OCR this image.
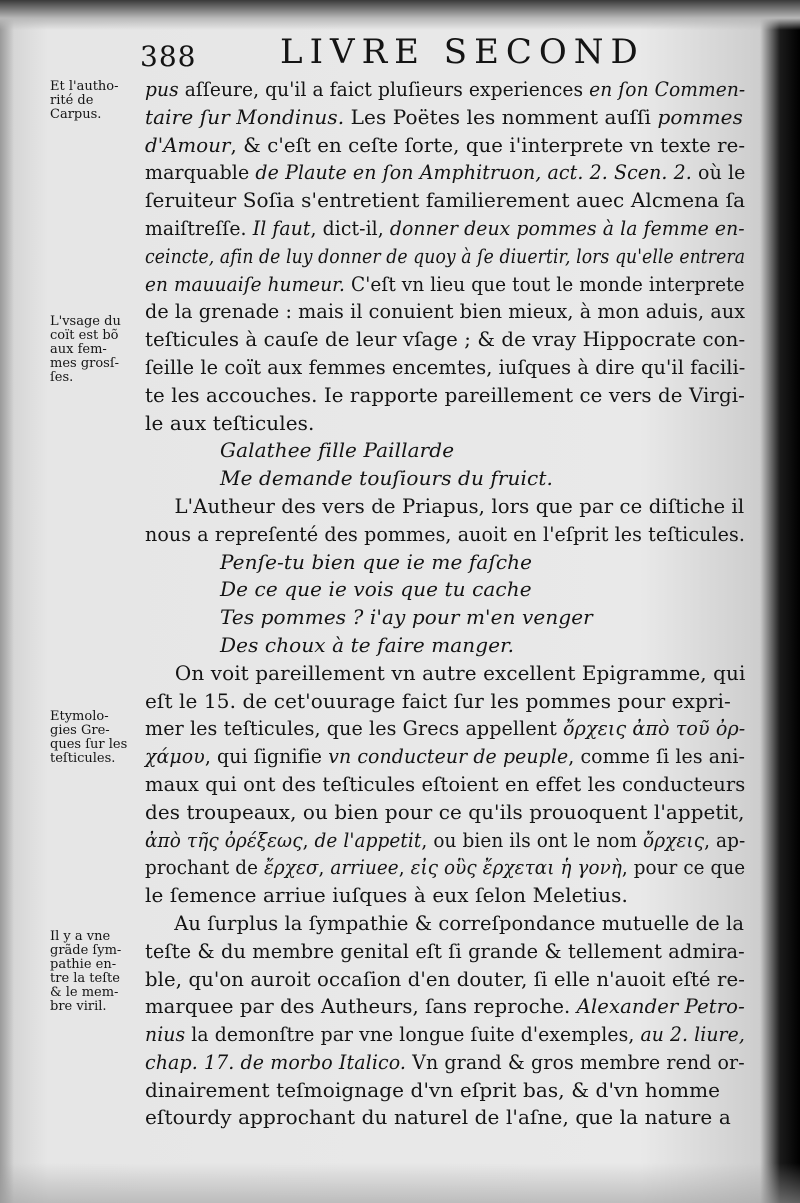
388 LIVRE SECOND
Et l'autho-
rité de
Carpus.
L'vsage du
coït est bõ
aux fem-
mes grosſ-
ſes.
Etymolo-
gies Gre-
ques ſur les
teſticules.
Il y a vne
grãde ſym-
pathie en-
tre la teſte
& le mem-
bre viril.
pus aſſeure, qu'il a faict pluſieurs experiences en ſon Commen-
taire ſur Mondinus. Les Poëtes les nomment auſſi pommes
d'Amour, & c'eſt en ceſte ſorte, que i'interprete vn texte re-
marquable de Plaute en ſon Amphitruon, act. 2. Scen. 2. où le
ſeruiteur Soſia s'entretient familierement auec Alcmena ſa
maiſtreſſe. Il faut, dict-il, donner deux pommes à la femme en-
ceincte, afin de luy donner de quoy à ſe diuertir, lors qu'elle entrera
en mauuaiſe humeur. C'eſt vn lieu que tout le monde interprete
de la grenade : mais il conuient bien mieux, à mon aduis, aux
teſticules à cauſe de leur vſage ; & de vray Hippocrate con-
ſeille le coït aux femmes encemtes, iuſques à dire qu'il facili-
te les accouches. Ie rapporte pareillement ce vers de Virgi-
le aux teſticules.
Galathee fille Paillarde
Me demande touſiours du fruict.
L'Autheur des vers de Priapus, lors que par ce diſtiche il
nous a repreſenté des pommes, auoit en l'eſprit les teſticules.
Penſe-tu bien que ie me faſche
De ce que ie vois que tu cache
Tes pommes ? i'ay pour m'en venger
Des choux à te faire manger.
On voit pareillement vn autre excellent Epigramme, qui
eſt le 15. de cet'ouurage faict ſur les pommes pour expri-
mer les teſticules, que les Grecs appellent ὄρχεις ἀπὸ τοῦ ὀρ-
χάμου, qui ſignifie vn conducteur de peuple, comme ſi les ani-
maux qui ont des teſticules eſtoient en effet les conducteurs
des troupeaux, ou bien pour ce qu'ils prouoquent l'appetit,
ἀπὸ τῆς ὀρέξεως, de l'appetit, ou bien ils ont le nom ὄρχεις, ap-
prochant de ἔρχεσ, arriuee, εἰς οὓς ἔρχεται ἡ γονὴ, pour ce que
le ſemence arriue iuſques à eux ſelon Meletius.
Au ſurplus la ſympathie & correſpondance mutuelle de la
teſte & du membre genital eſt ſi grande & tellement admira-
ble, qu'on auroit occaſion d'en douter, ſi elle n'auoit eſté re-
marquee par des Autheurs, ſans reproche. Alexander Petro-
nius la demonſtre par vne longue ſuite d'exemples, au 2. liure,
chap. 17. de morbo Italico. Vn grand & gros membre rend or-
dinairement teſmoignage d'vn eſprit bas, & d'vn homme
eſtourdy approchant du naturel de l'aſne, que la nature a
